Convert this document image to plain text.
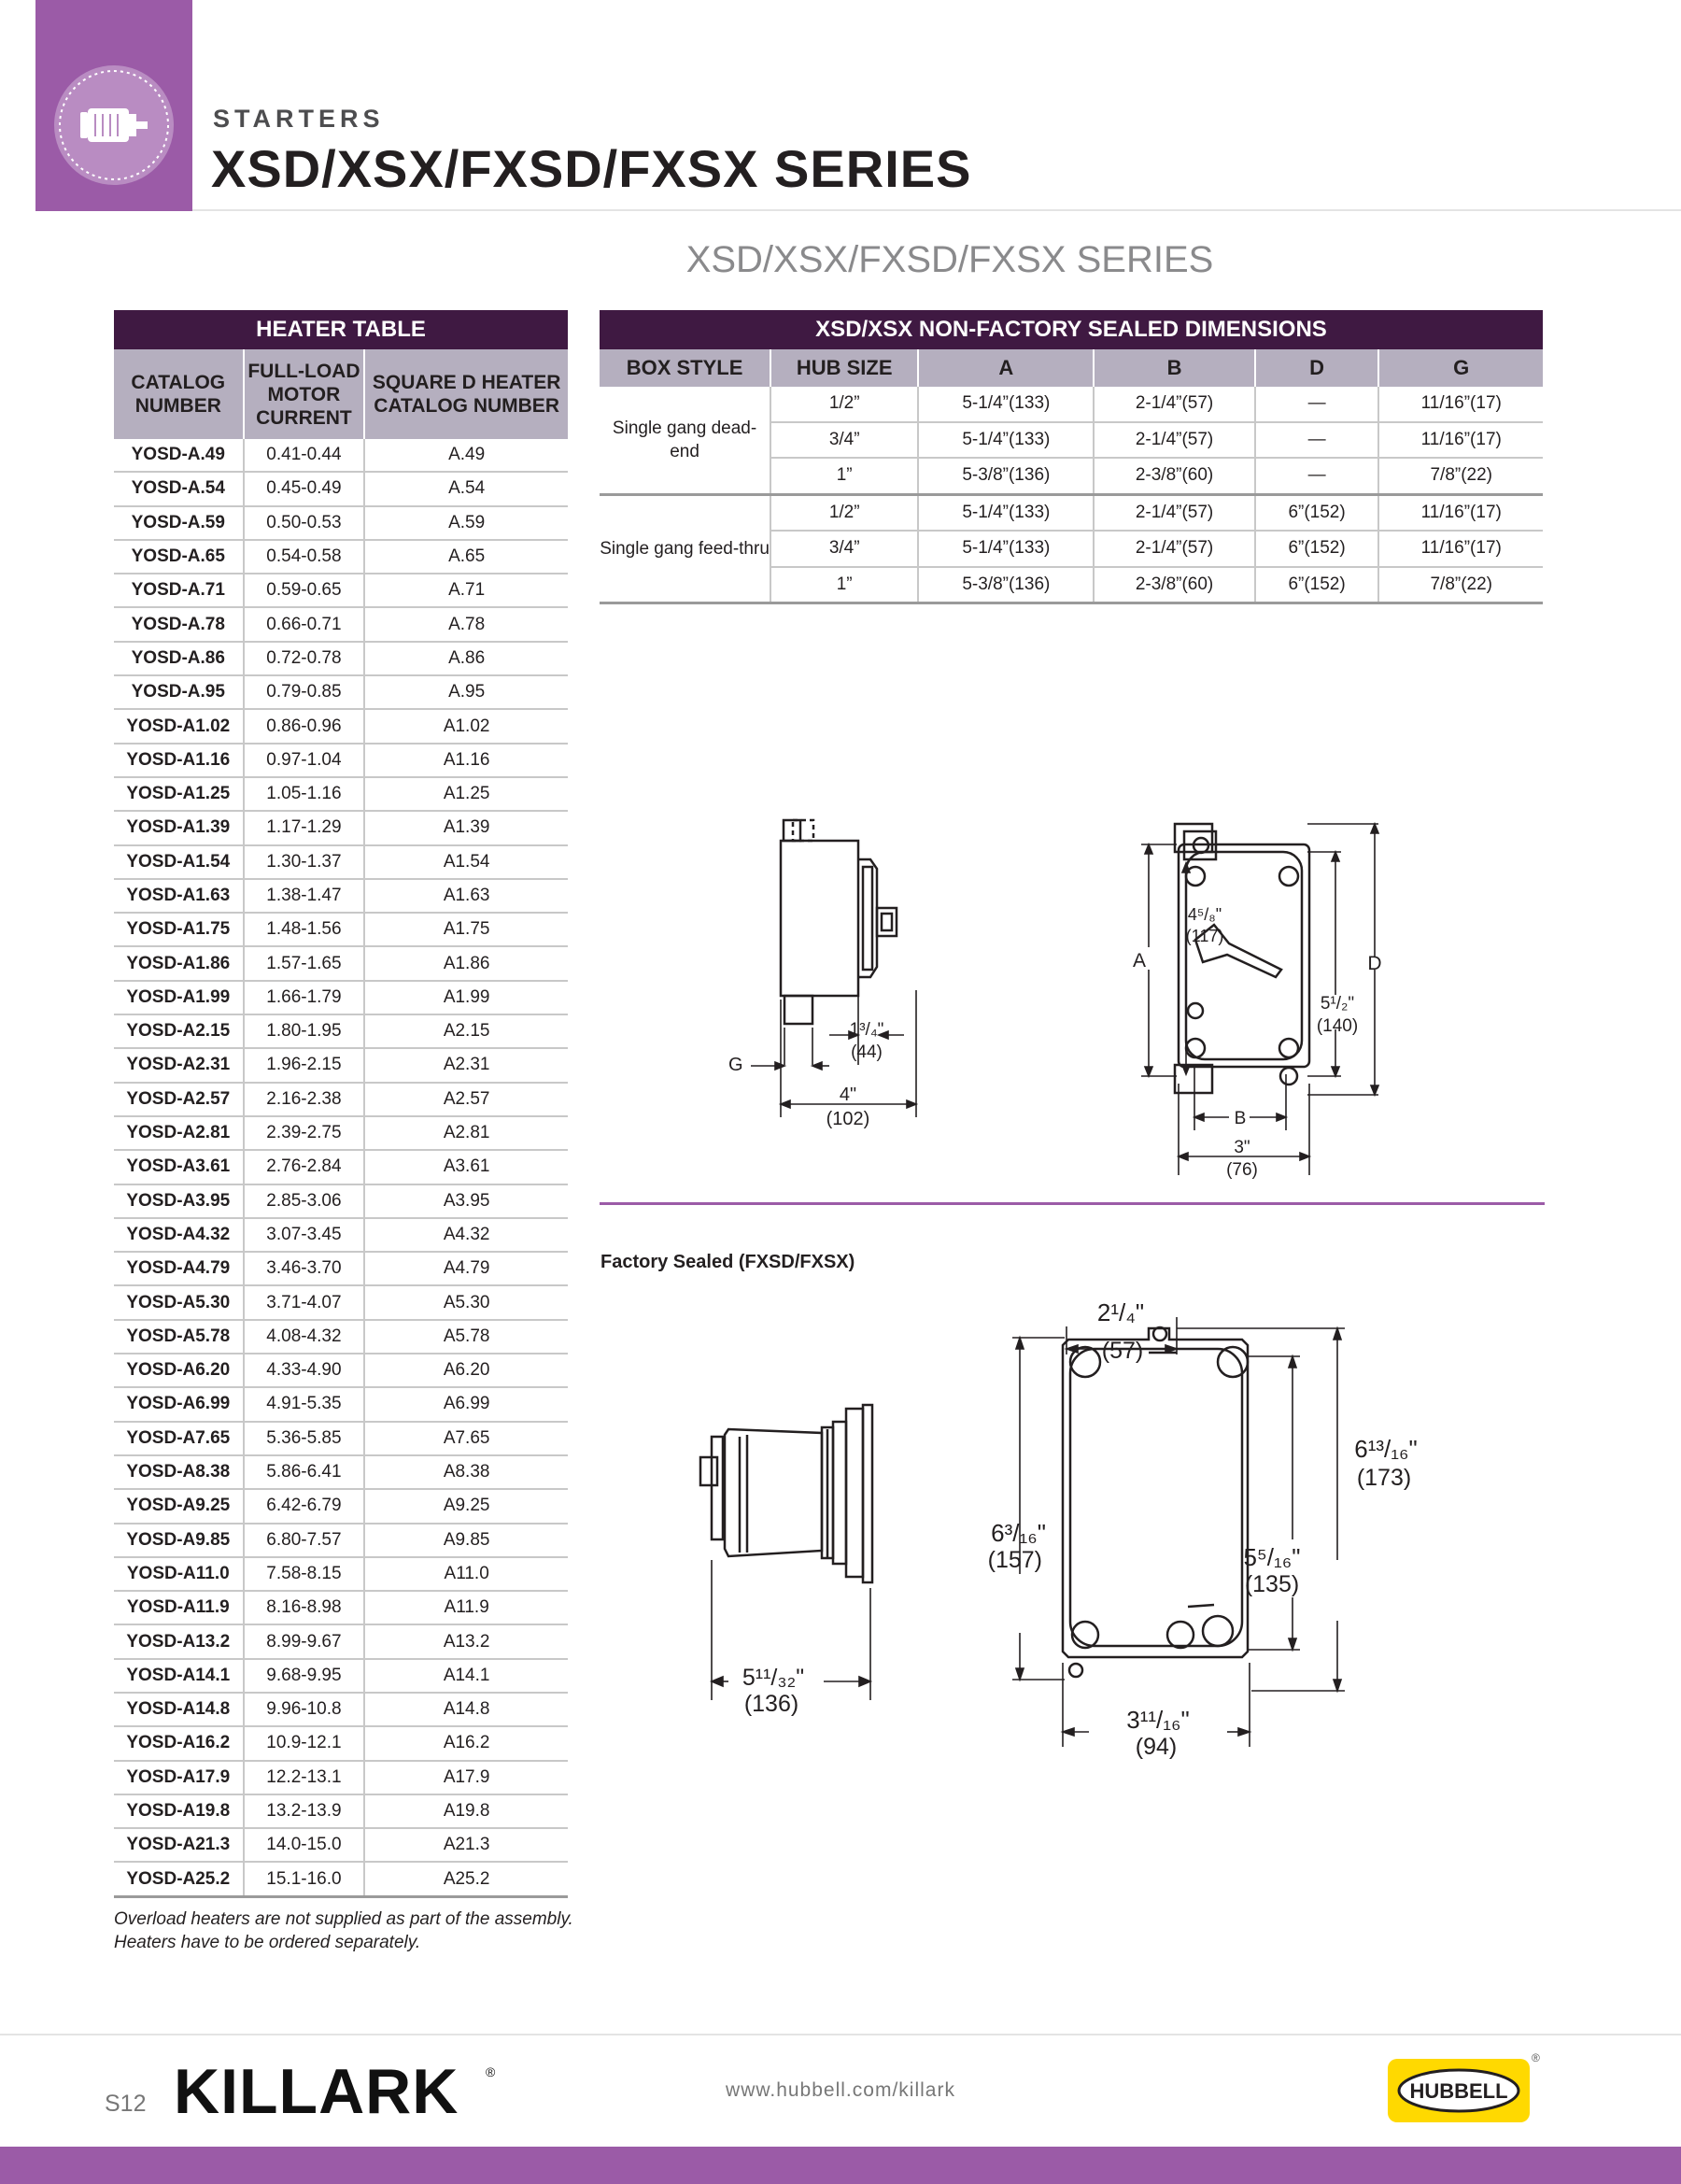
STARTERS
XSD/XSX/FXSD/FXSX SERIES
XSD/XSX/FXSD/FXSX SERIES
HEATER TABLE		
CATALOG NUMBER	FULL-LOAD MOTOR CURRENT	SQUARE D HEATER CATALOG NUMBER
YOSD-A.49	0.41-0.44	A.49
YOSD-A.54	0.45-0.49	A.54
YOSD-A.59	0.50-0.53	A.59
YOSD-A.65	0.54-0.58	A.65
YOSD-A.71	0.59-0.65	A.71
YOSD-A.78	0.66-0.71	A.78
YOSD-A.86	0.72-0.78	A.86
YOSD-A.95	0.79-0.85	A.95
YOSD-A1.02	0.86-0.96	A1.02
YOSD-A1.16	0.97-1.04	A1.16
YOSD-A1.25	1.05-1.16	A1.25
YOSD-A1.39	1.17-1.29	A1.39
YOSD-A1.54	1.30-1.37	A1.54
YOSD-A1.63	1.38-1.47	A1.63
YOSD-A1.75	1.48-1.56	A1.75
YOSD-A1.86	1.57-1.65	A1.86
YOSD-A1.99	1.66-1.79	A1.99
YOSD-A2.15	1.80-1.95	A2.15
YOSD-A2.31	1.96-2.15	A2.31
YOSD-A2.57	2.16-2.38	A2.57
YOSD-A2.81	2.39-2.75	A2.81
YOSD-A3.61	2.76-2.84	A3.61
YOSD-A3.95	2.85-3.06	A3.95
YOSD-A4.32	3.07-3.45	A4.32
YOSD-A4.79	3.46-3.70	A4.79
YOSD-A5.30	3.71-4.07	A5.30
YOSD-A5.78	4.08-4.32	A5.78
YOSD-A6.20	4.33-4.90	A6.20
YOSD-A6.99	4.91-5.35	A6.99
YOSD-A7.65	5.36-5.85	A7.65
YOSD-A8.38	5.86-6.41	A8.38
YOSD-A9.25	6.42-6.79	A9.25
YOSD-A9.85	6.80-7.57	A9.85
YOSD-A11.0	7.58-8.15	A11.0
YOSD-A11.9	8.16-8.98	A11.9
YOSD-A13.2	8.99-9.67	A13.2
YOSD-A14.1	9.68-9.95	A14.1
YOSD-A14.8	9.96-10.8	A14.8
YOSD-A16.2	10.9-12.1	A16.2
YOSD-A17.9	12.2-13.1	A17.9
YOSD-A19.8	13.2-13.9	A19.8
YOSD-A21.3	14.0-15.0	A21.3
YOSD-A25.2	15.1-16.0	A25.2
Overload heaters are not supplied as part of the assembly. Heaters have to be ordered separately.
XSD/XSX NON-FACTORY SEALED DIMENSIONS					
BOX STYLE	HUB SIZE	A	B	D	G
Single gang dead-end	1/2”	5-1/4”(133)	2-1/4”(57)	—	11/16”(17)
	3/4”	5-1/4”(133)	2-1/4”(57)	—	11/16”(17)
	1”	5-3/8”(136)	2-3/8”(60)	—	7/8”(22)
Single gang feed-thru	1/2”	5-1/4”(133)	2-1/4”(57)	6”(152)	11/16”(17)
	3/4”	5-1/4”(133)	2-1/4”(57)	6”(152)	11/16”(17)
	1”	5-3/8”(136)	2-3/8”(60)	6”(152)	7/8”(22)
G
1³/₄"
(44)
4"
(102)
A
4⁵/₈"
(117)
D
5¹/₂"
(140)
B
3"
(76)
Factory Sealed (FXSD/FXSX)
5¹¹/₃₂"
(136)
2¹/₄"
(57)
6¹³/₁₆"
(173)
6³/₁₆"
(157)	5⁵/₁₆"
(135)
3¹¹/₁₆"
(94)
S12 KILLARK ®
www.hubbell.com/killark	HUBBELL
®
